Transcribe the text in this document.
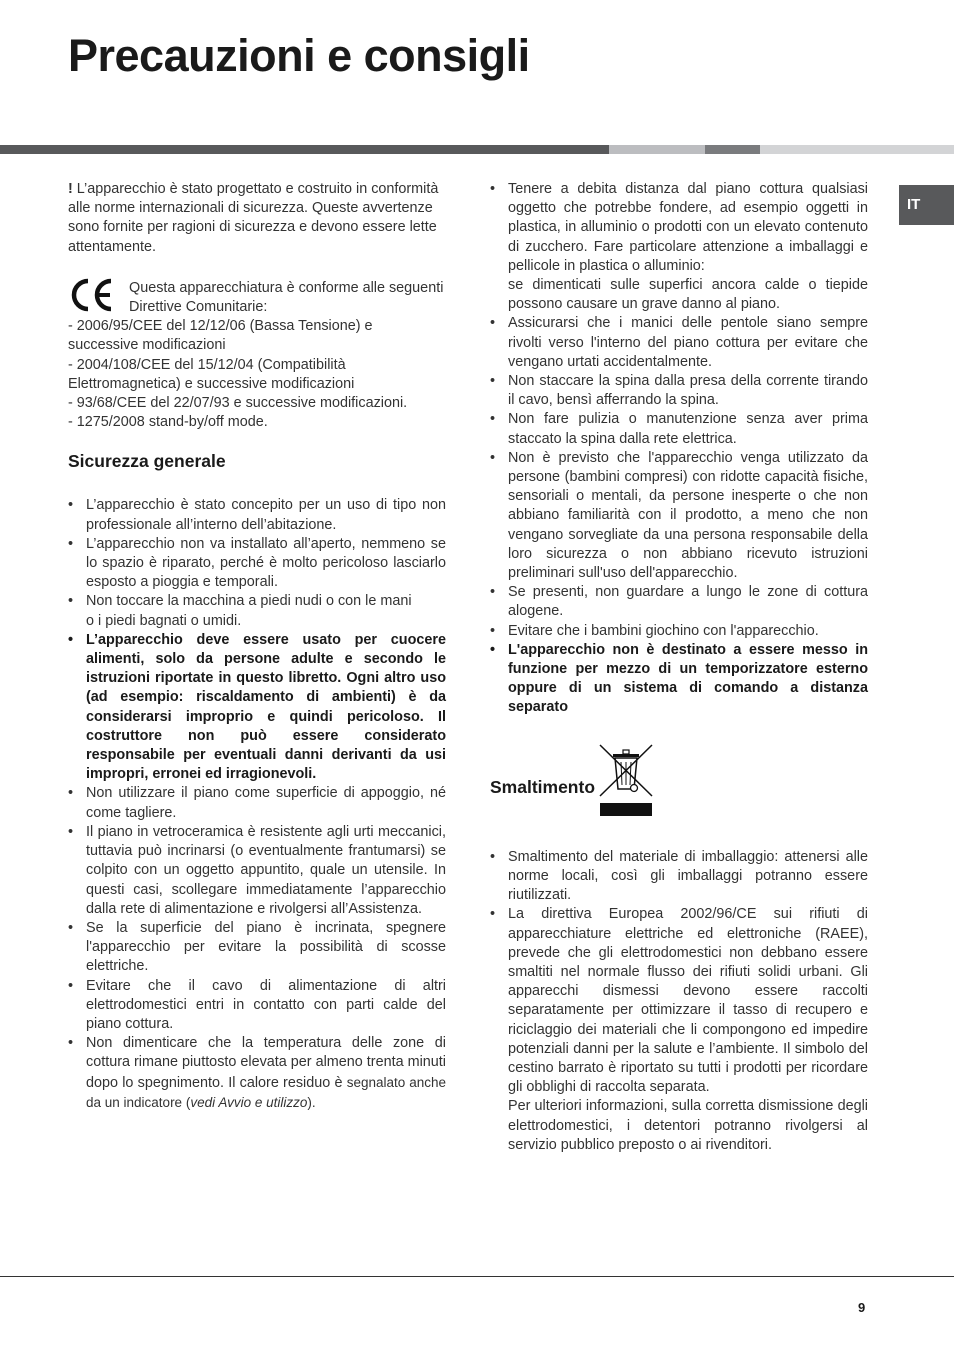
Precauzioni e consigli
IT

! L’apparecchio è stato progettato e costruito in conformità alle norme internazionali di sicurezza. Queste avvertenze sono fornite per ragioni di sicurezza e devono essere lette attentamente.

Questa apparecchiatura è conforme alle seguenti Direttive Comunitarie:

- 2006/95/CEE del 12/12/06 (Bassa Tensione) e successive modificazioni

- 2004/108/CEE del 15/12/04 (Compatibilità Elettromagnetica) e successive modificazioni

- 93/68/CEE del 22/07/93 e successive modificazioni.

- 1275/2008 stand-by/off mode.

Sicurezza generale
• L’apparecchio è stato concepito per un uso di tipo non professionale all’interno dell’abitazione.
• L’apparecchio non va installato all’aperto, nemmeno se lo spazio è riparato, perché è molto pericoloso lasciarlo esposto a pioggia e temporali.
• Non toccare la macchina a piedi nudi o con le mani
o i piedi bagnati o umidi.
• L’apparecchio deve essere usato per cuocere alimenti, solo da persone adulte e secondo le istruzioni riportate in questo libretto. Ogni altro uso (ad esempio: riscaldamento di ambienti) è da considerarsi improprio e quindi pericoloso. Il costruttore non può essere considerato responsabile per eventuali danni derivanti da usi impropri, erronei ed irragionevoli.
• Non utilizzare il piano come superficie di appoggio, né come tagliere.
• Il piano in vetroceramica è resistente agli urti meccanici, tuttavia può incrinarsi (o eventualmente frantumarsi) se colpito con un oggetto appuntito, quale un utensile. In questi casi, scollegare immediatamente l’apparecchio dalla rete di alimentazione e rivolgersi all’Assistenza.
• Se la superficie del piano è incrinata, spegnere l'apparecchio per evitare la possibilità di scosse elettriche.
• Evitare che il cavo di alimentazione di altri elettrodomestici entri in contatto con parti calde del piano cottura.
• Non dimenticare che la temperatura delle zone di cottura rimane piuttosto elevata per almeno trenta minuti dopo lo spegnimento. Il calore residuo è segnalato anche da un indicatore (vedi Avvio e utilizzo).
• Tenere a debita distanza dal piano cottura qualsiasi oggetto che potrebbe fondere, ad esempio oggetti in plastica, in alluminio o prodotti con un elevato contenuto di zucchero. Fare particolare attenzione a imballaggi e pellicole in plastica o alluminio:
se dimenticati sulle superfici ancora calde o tiepide possono causare un grave danno al piano.
• Assicurarsi che i manici delle pentole siano sempre rivolti verso l'interno del piano cottura per evitare che vengano urtati accidentalmente.
• Non staccare la spina dalla presa della corrente tirando il cavo, bensì afferrando la spina.
• Non fare pulizia o manutenzione senza aver prima staccato la spina dalla rete elettrica.
• Non è previsto che l'apparecchio venga utilizzato da persone (bambini compresi) con ridotte capacità fisiche, sensoriali o mentali, da persone inesperte o che non abbiano familiarità con il prodotto, a meno che non vengano sorvegliate da una persona responsabile della loro sicurezza o non abbiano ricevuto istruzioni preliminari sull'uso dell'apparecchio.
• Se presenti, non guardare a lungo le zone di cottura alogene.
• Evitare che i bambini giochino con l'apparecchio.
• L'apparecchio non è destinato a essere messo in funzione per mezzo di un temporizzatore esterno oppure di un sistema di comando a distanza separato
Smaltimento
• Smaltimento del materiale di imballaggio: attenersi alle norme locali, così gli imballaggi potranno essere riutilizzati.
• La direttiva Europea 2002/96/CE sui rifiuti di apparecchiature elettriche ed elettroniche (RAEE), prevede che gli elettrodomestici non debbano essere smaltiti nel normale flusso dei rifiuti solidi urbani. Gli apparecchi dismessi devono essere raccolti separatamente per ottimizzare il tasso di recupero e riciclaggio dei materiali che li compongono ed impedire potenziali danni per la salute e l’ambiente. Il simbolo del cestino barrato è riportato su tutti i prodotti per ricordare gli obblighi di raccolta separata.
Per ulteriori informazioni, sulla corretta dismissione degli elettrodomestici, i detentori potranno rivolgersi al servizio pubblico preposto o ai rivenditori.
9
